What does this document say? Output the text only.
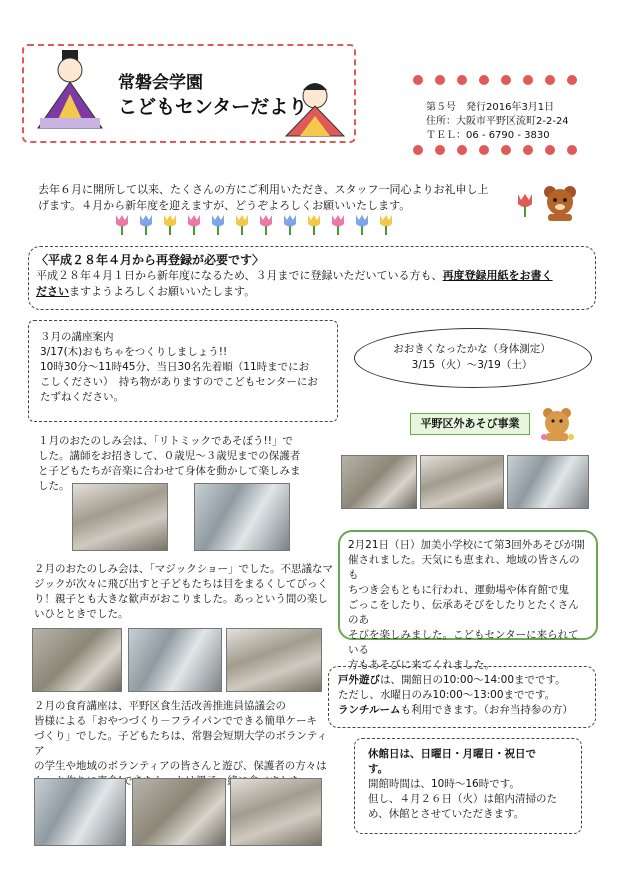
常磐会学園
こどもセンターだより	第５号　発行2016年3月1日
住所：大阪市平野区流町2-2-24
ＴＥＬ：06 - 6790 - 3830
去年６月に開所して以来、たくさんの方にご利用いただき、スタッフ一同心よりお礼申し上
げます。４月から新年度を迎えますが、どうぞよろしくお願いいたします。
〈平成２８年４月から再登録が必要です〉
平成２８年４月１日から新年度になるため、３月までに登録いただいている方も、再度登録用紙をお書く
ださいますようよろしくお願いいたします。
３月の講座案内
3/17(木)おもちゃをつくりしましょう!!
10時30分～11時45分、当日30名先着順（11時までにお
こしください）　持ち物がありますのでこどもセンターにお
たずねください。
おおきくなったかな（身体測定）
3/15（火）～3/19（土）
平野区外あそび事業
１月のおたのしみ会は、「リトミックであそぼう!!」で
した。講師をお招きして、０歳児～３歳児までの保護者
と子どもたちが音楽に合わせて身体を動かして楽しみま
した。
2月21日（日）加美小学校にて第3回外あそびが開
催されました。天気にも恵まれ、地域の皆さんのも
ちつき会もともに行われ、運動場や体育館で鬼
ごっこをしたり、伝承あそびをしたりとたくさんのあ
そびを楽しみました。こどもセンターに来られている
方もあそびに来てくれました。
２月のおたのしみ会は、「マジックショー」でした。不思議なマ
ジックが次々に飛び出すと子どもたちは目をまるくしてびっく
り！親子とも大きな歓声がおこりました。あっという間の楽し
いひとときでした。
戸外遊びは、開館日の10:00～14:00までです。
ただし、水曜日のみ10:00～13:00までです。
ランチルームも利用できます。（お弁当持参の方）
２月の食育講座は、平野区食生活改善推進員協議会の
皆様による「おやつづくり－フライパンでできる簡単ケーキ
づくり」でした。子どもたちは、常磐会短期大学のボランティア
の学生や地域のボランティアの皆さんと遊び、保護者の方々は
休館日は、日曜日・月曜日・祝日で
す。
開館時間は、10時～16時です。
但し、４月２６日（火）は館内清掃のた
め、休館とさせていただきます。
